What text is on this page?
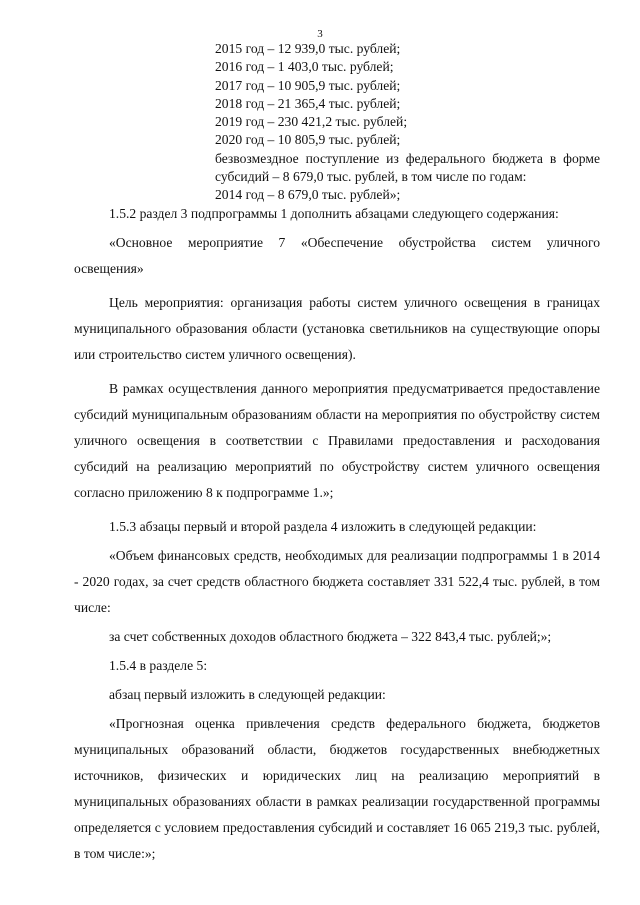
3
2015 год – 12 939,0 тыс. рублей;
2016 год – 1 403,0 тыс. рублей;
2017 год – 10 905,9 тыс. рублей;
2018 год – 21 365,4 тыс. рублей;
2019 год – 230 421,2 тыс. рублей;
2020 год – 10 805,9 тыс. рублей;
безвозмездное поступление из федерального бюджета в форме субсидий – 8 679,0 тыс. рублей, в том числе по годам:
2014 год – 8 679,0 тыс. рублей»;

1.5.2 раздел 3 подпрограммы 1 дополнить абзацами следующего содержания:

«Основное мероприятие 7 «Обеспечение обустройства систем уличного освещения»

Цель мероприятия: организация работы систем уличного освещения в границах муниципального образования области (установка светильников на существующие опоры или строительство систем уличного освещения).

В рамках осуществления данного мероприятия предусматривается предоставление субсидий муниципальным образованиям области на мероприятия по обустройству систем уличного освещения в соответствии с Правилами предоставления и расходования субсидий на реализацию мероприятий по обустройству систем уличного освещения согласно приложению 8 к подпрограмме 1.»;

1.5.3 абзацы первый и второй раздела 4 изложить в следующей редакции:

«Объем финансовых средств, необходимых для реализации подпрограммы 1 в 2014 - 2020 годах, за счет средств областного бюджета составляет 331 522,4 тыс. рублей, в том числе:

за счет собственных доходов областного бюджета – 322 843,4 тыс. рублей;»;

1.5.4 в разделе 5:

абзац первый изложить в следующей редакции:

«Прогнозная оценка привлечения средств федерального бюджета, бюджетов муниципальных образований области, бюджетов государственных внебюджетных источников, физических и юридических лиц на реализацию мероприятий в муниципальных образованиях области в рамках реализации государственной программы определяется с условием предоставления субсидий и составляет 16 065 219,3 тыс. рублей, в том числе:»;
